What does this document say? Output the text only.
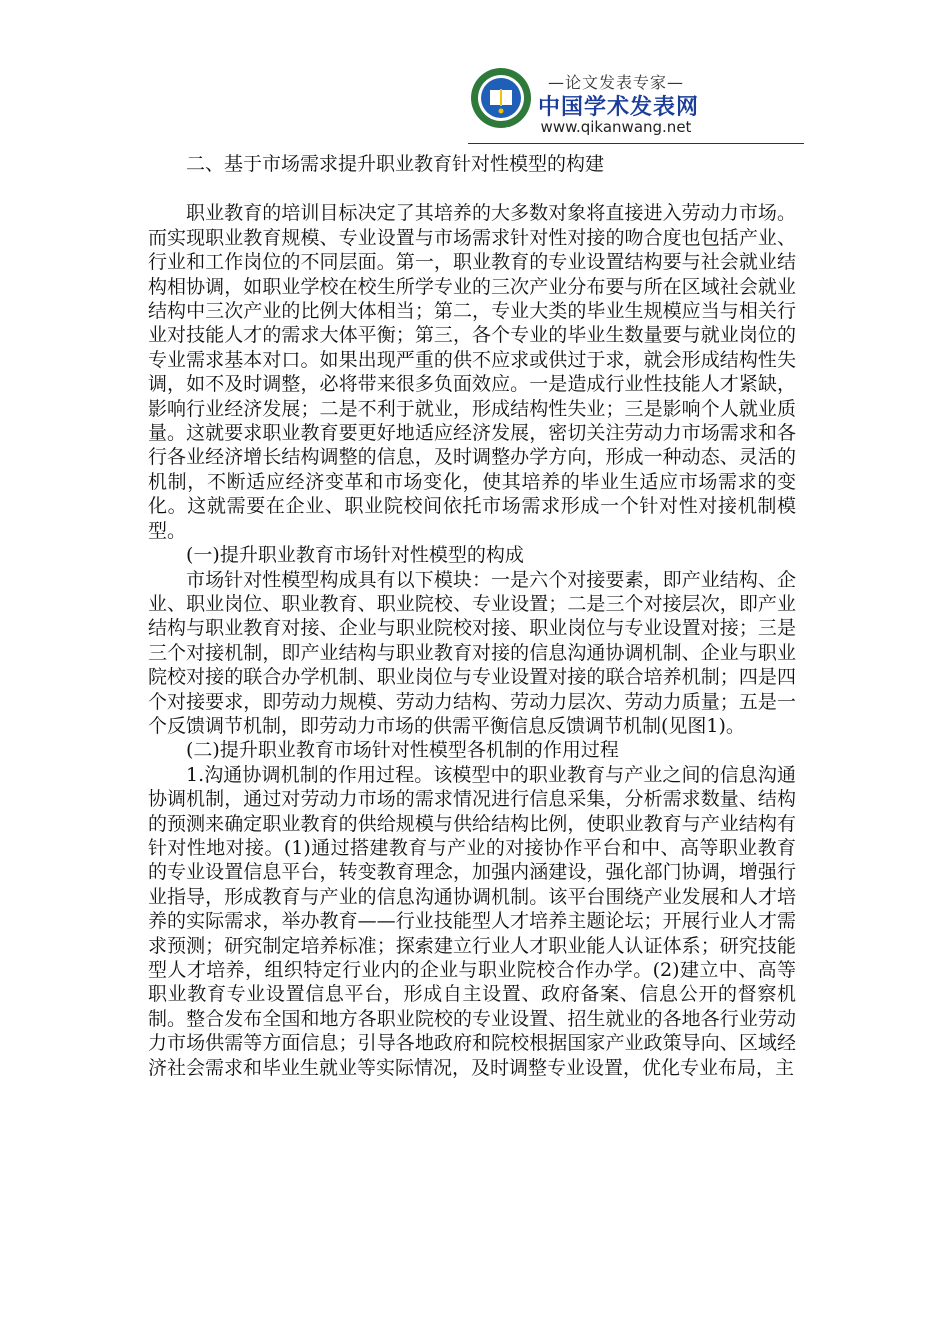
—论文发表专家—
中国学术发表网
www.qikanwang.net

二、基于市场需求提升职业教育针对性模型的构建

职业教育的培训目标决定了其培养的大多数对象将直接进入劳动力市场。而实现职业教育规模、专业设置与市场需求针对性对接的吻合度也包括产业、行业和工作岗位的不同层面。第一，职业教育的专业设置结构要与社会就业结构相协调，如职业学校在校生所学专业的三次产业分布要与所在区域社会就业结构中三次产业的比例大体相当；第二，专业大类的毕业生规模应当与相关行业对技能人才的需求大体平衡；第三，各个专业的毕业生数量要与就业岗位的专业需求基本对口。如果出现严重的供不应求或供过于求，就会形成结构性失调，如不及时调整，必将带来很多负面效应。一是造成行业性技能人才紧缺，影响行业经济发展；二是不利于就业，形成结构性失业；三是影响个人就业质量。这就要求职业教育要更好地适应经济发展，密切关注劳动力市场需求和各行各业经济增长结构调整的信息，及时调整办学方向，形成一种动态、灵活的机制，不断适应经济变革和市场变化，使其培养的毕业生适应市场需求的变化。这就需要在企业、职业院校间依托市场需求形成一个针对性对接机制模型。

(一)提升职业教育市场针对性模型的构成

市场针对性模型构成具有以下模块：一是六个对接要素，即产业结构、企业、职业岗位、职业教育、职业院校、专业设置；二是三个对接层次，即产业结构与职业教育对接、企业与职业院校对接、职业岗位与专业设置对接；三是三个对接机制，即产业结构与职业教育对接的信息沟通协调机制、企业与职业院校对接的联合办学机制、职业岗位与专业设置对接的联合培养机制；四是四个对接要求，即劳动力规模、劳动力结构、劳动力层次、劳动力质量；五是一个反馈调节机制，即劳动力市场的供需平衡信息反馈调节机制(见图1)。

(二)提升职业教育市场针对性模型各机制的作用过程

1.沟通协调机制的作用过程。该模型中的职业教育与产业之间的信息沟通协调机制，通过对劳动力市场的需求情况进行信息采集，分析需求数量、结构的预测来确定职业教育的供给规模与供给结构比例，使职业教育与产业结构有针对性地对接。(1)通过搭建教育与产业的对接协作平台和中、高等职业教育的专业设置信息平台，转变教育理念，加强内涵建设，强化部门协调，增强行业指导，形成教育与产业的信息沟通协调机制。该平台围绕产业发展和人才培养的实际需求，举办教育——行业技能型人才培养主题论坛；开展行业人才需求预测；研究制定培养标准；探索建立行业人才职业能人认证体系；研究技能型人才培养，组织特定行业内的企业与职业院校合作办学。(2)建立中、高等职业教育专业设置信息平台，形成自主设置、政府备案、信息公开的督察机制。整合发布全国和地方各职业院校的专业设置、招生就业的各地各行业劳动力市场供需等方面信息；引导各地政府和院校根据国家产业政策导向、区域经济社会需求和毕业生就业等实际情况，及时调整专业设置，优化专业布局，主
